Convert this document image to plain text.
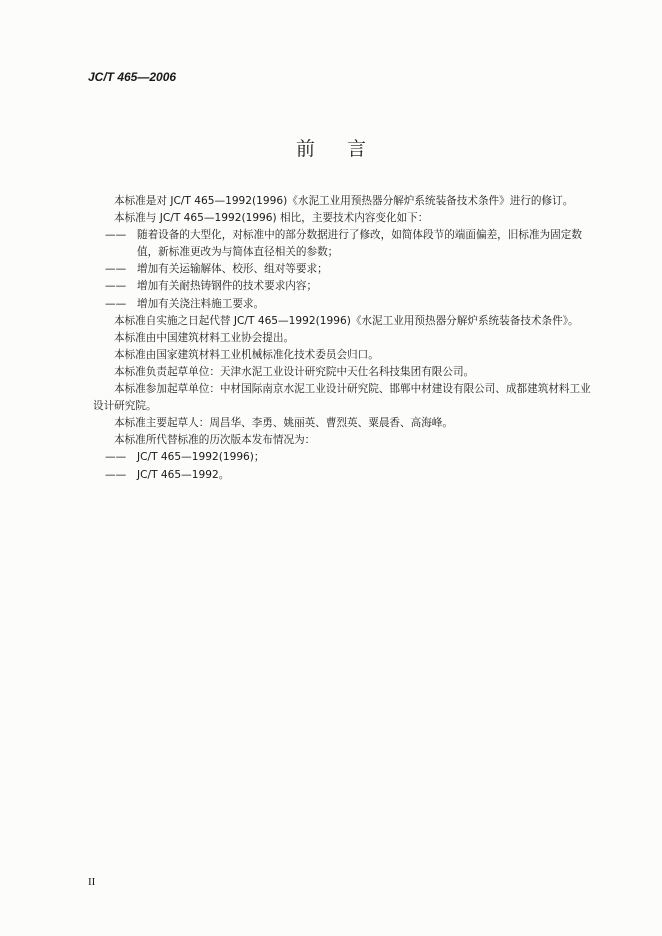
JC/T 465—2006
前言

本标准是对 JC/T 465—1992(1996)《水泥工业用预热器分解炉系统装备技术条件》进行的修订。

本标准与 JC/T 465—1992(1996) 相比，主要技术内容变化如下：

——	随着设备的大型化，对标准中的部分数据进行了修改，如简体段节的端面偏差，旧标准为固定数值，新标准更改为与简体直径相关的参数；
——	增加有关运输解体、校形、组对等要求；
——	增加有关耐热铸钢件的技术要求内容；
——	增加有关浇注料施工要求。

本标准自实施之日起代替 JC/T 465—1992(1996)《水泥工业用预热器分解炉系统装备技术条件》。

本标准由中国建筑材料工业协会提出。

本标准由国家建筑材料工业机械标准化技术委员会归口。

本标准负责起草单位：天津水泥工业设计研究院中天仕名科技集团有限公司。

本标准参加起草单位：中材国际南京水泥工业设计研究院、邯郸中材建设有限公司、成都建筑材料工业设计研究院。

本标准主要起草人：周昌华、李勇、姚丽英、曹烈英、粟晨香、高海峰。

本标准所代替标准的历次版本发布情况为：

——	JC/T 465—1992(1996)；
——	JC/T 465—1992。
II
